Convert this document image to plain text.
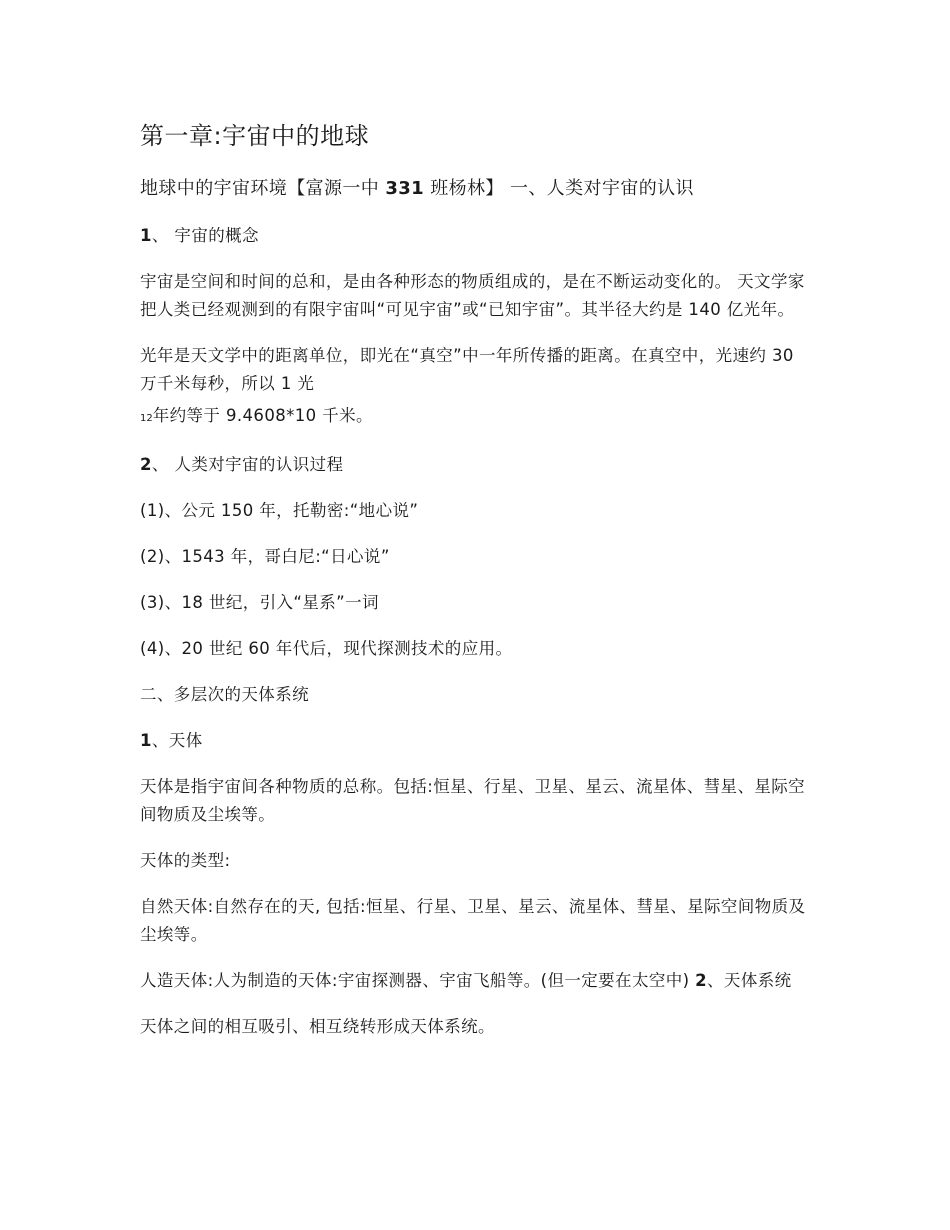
第一章:宇宙中的地球

地球中的宇宙环境【富源一中 331 班杨林】 一、人类对宇宙的认识

1、 宇宙的概念

宇宙是空间和时间的总和，是由各种形态的物质组成的，是在不断运动变化的。 天文学家把人类已经观测到的有限宇宙叫“可见宇宙”或“已知宇宙”。其半径大约是 140 亿光年。

光年是天文学中的距离单位，即光在“真空”中一年所传播的距离。在真空中，光速约 30 万千米每秒，所以 1 光

12年约等于 9.4608*10 千米。

2、 人类对宇宙的认识过程

(1)、公元 150 年，托勒密:“地心说”

(2)、1543 年，哥白尼:“日心说”

(3)、18 世纪，引入“星系”一词

(4)、20 世纪 60 年代后，现代探测技术的应用。

二、多层次的天体系统

1、天体

天体是指宇宙间各种物质的总称。包括:恒星、行星、卫星、星云、流星体、彗星、星际空间物质及尘埃等。

天体的类型:

自然天体:自然存在的天, 包括:恒星、行星、卫星、星云、流星体、彗星、星际空间物质及尘埃等。

人造天体:人为制造的天体:宇宙探测器、宇宙飞船等。(但一定要在太空中) 2、天体系统

天体之间的相互吸引、相互绕转形成天体系统。
